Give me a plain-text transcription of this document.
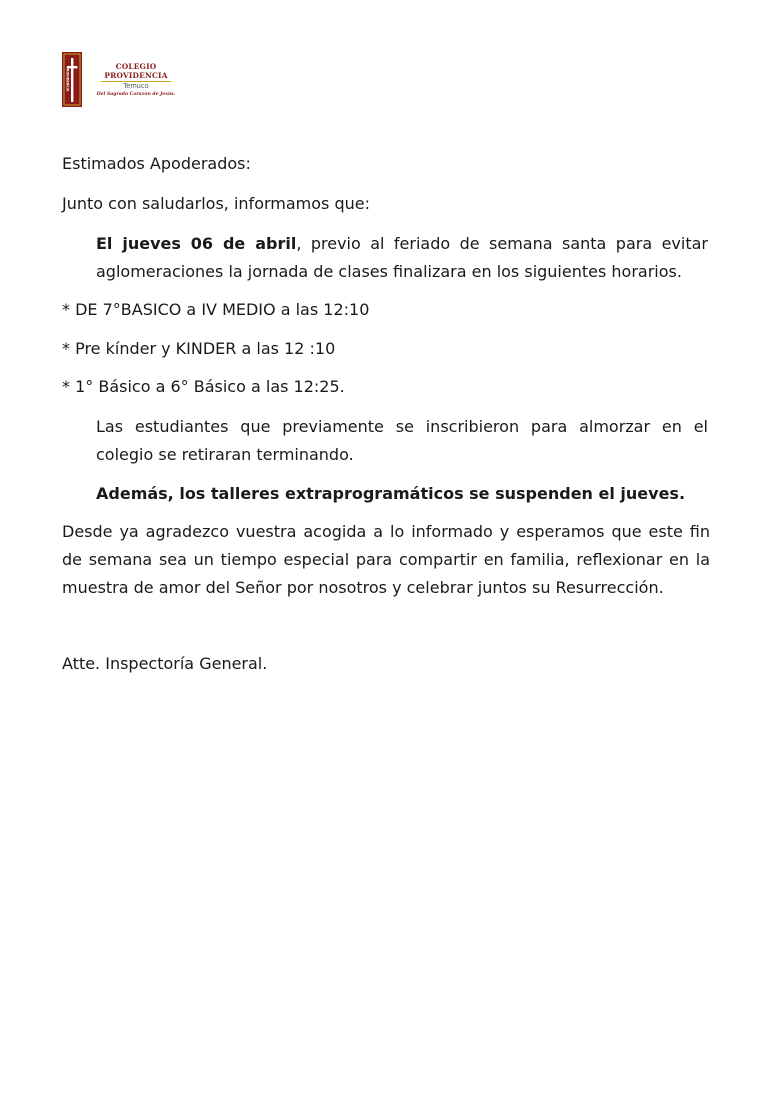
PROVIDENCIA
COLEGIO
PROVIDENCIA
Temuco
Del Sagrado Corazón de Jesús.

Estimados Apoderados:

Junto con saludarlos, informamos que:

El jueves 06 de abril, previo al feriado de semana santa para evitar aglomeraciones la jornada de clases finalizara en los siguientes horarios.

* DE 7°BASICO a IV MEDIO a las 12:10

* Pre kínder y KINDER a las 12 :10

* 1° Básico a 6° Básico a las 12:25.

Las estudiantes que previamente se inscribieron para almorzar en el colegio se retiraran terminando.

Además, los talleres extraprogramáticos se suspenden el jueves.

Desde ya agradezco vuestra acogida a lo informado y esperamos que este fin de semana sea un tiempo especial para compartir en familia, reflexionar en la muestra de amor del Señor por nosotros y celebrar juntos su Resurrección.

Atte. Inspectoría General.
